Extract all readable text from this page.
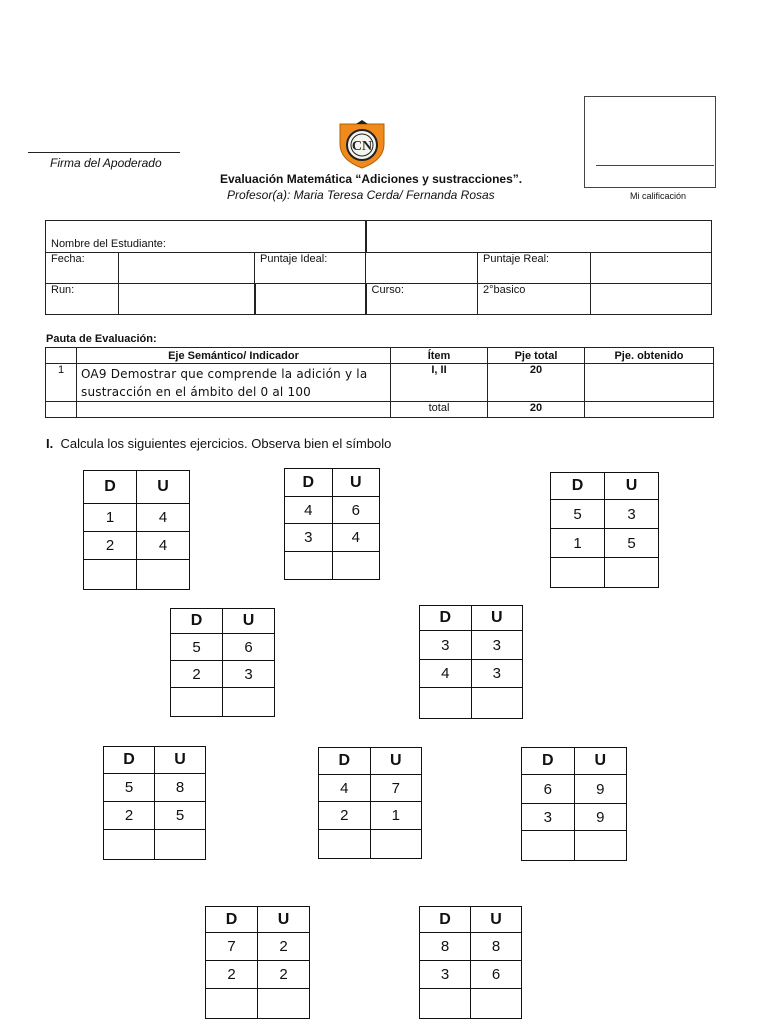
Firma del Apoderado
CN
Evaluación Matemática “Adiciones y sustracciones”.
Profesor(a): Maria Teresa Cerda/ Fernanda Rosas	Mi calificación
Nombre del Estudiante:					
Fecha:		Puntaje Ideal:		Puntaje Real:	
Run:			Curso:	2°basico	
Pauta de Evaluación:
	Eje Semántico/ Indicador	Ítem	Pje total	Pje. obtenido
1	OA9 Demostrar que comprende la adición y la sustracción en el ámbito del 0 al 100	I, II	20	
		total	20	
I. Calcula los siguientes ejercicios. Observa bien el símbolo
D	U
1	4
2	4

D	U
4	6
3	4

D	U
5	3
1	5

D	U
5	6
2	3

D	U
3	3
4	3

D	U
5	8
2	5

D	U
4	7
2	1

D	U
6	9
3	9

D	U
7	2
2	2

D	U
8	8
3	6
